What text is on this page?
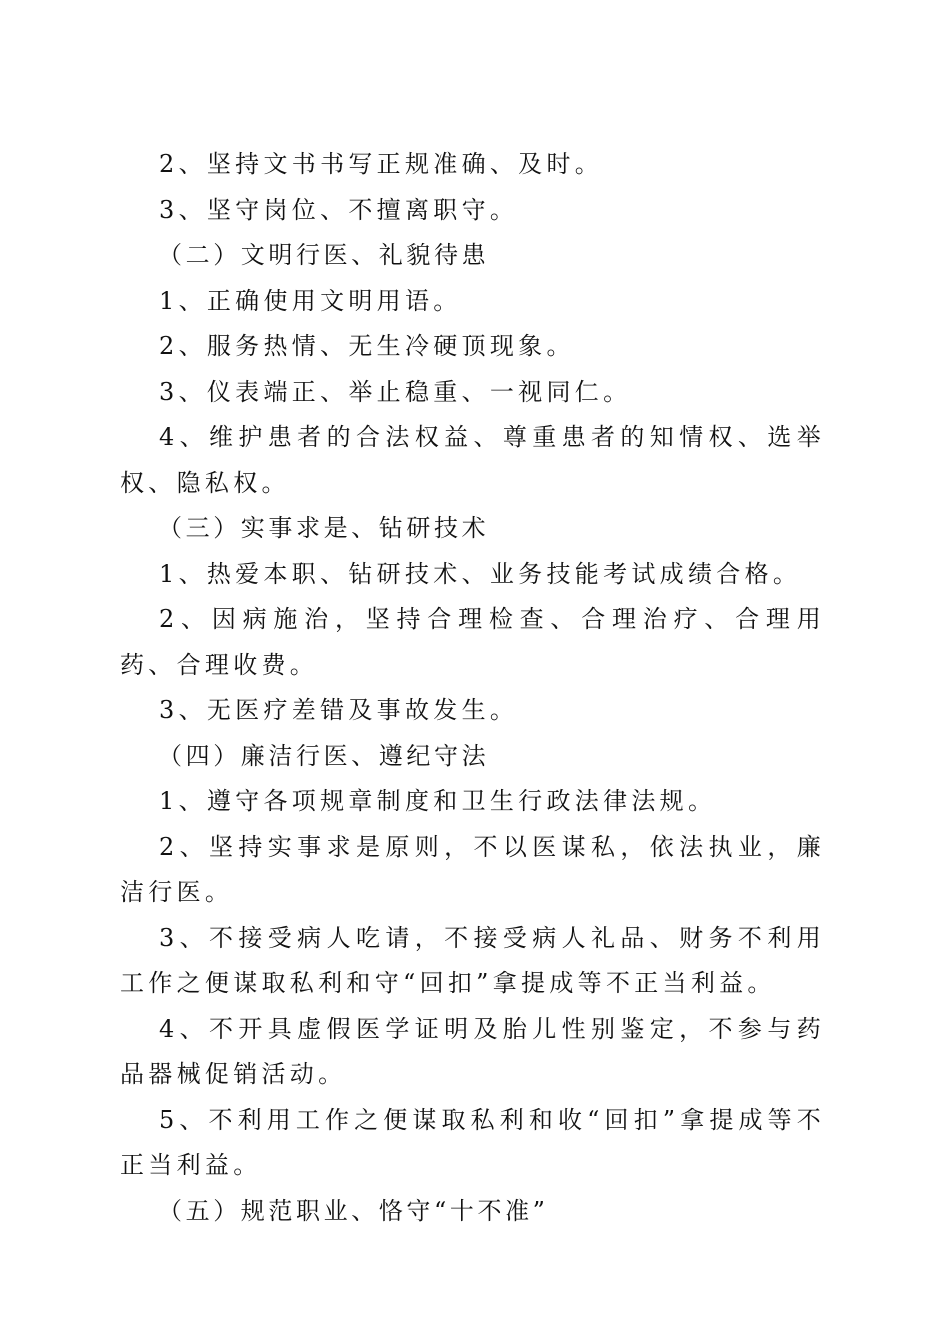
2、坚持文书书写正规准确、及时。

3、坚守岗位、不擅离职守。

（二）文明行医、礼貌待患

1、正确使用文明用语。

2、服务热情、无生冷硬顶现象。

3、仪表端正、举止稳重、一视同仁。

4、维护患者的合法权益、尊重患者的知情权、选举权、隐私权。

（三）实事求是、钻研技术

1、热爱本职、钻研技术、业务技能考试成绩合格。

2、因病施治，坚持合理检查、合理治疗、合理用药、合理收费。

3、无医疗差错及事故发生。

（四）廉洁行医、遵纪守法

1、遵守各项规章制度和卫生行政法律法规。

2、坚持实事求是原则，不以医谋私，依法执业，廉洁行医。

3、不接受病人吃请，不接受病人礼品、财务不利用工作之便谋取私利和守“回扣”拿提成等不正当利益。

4、不开具虚假医学证明及胎儿性别鉴定，不参与药品器械促销活动。

5、不利用工作之便谋取私利和收“回扣”拿提成等不正当利益。

（五）规范职业、恪守“十不准”
